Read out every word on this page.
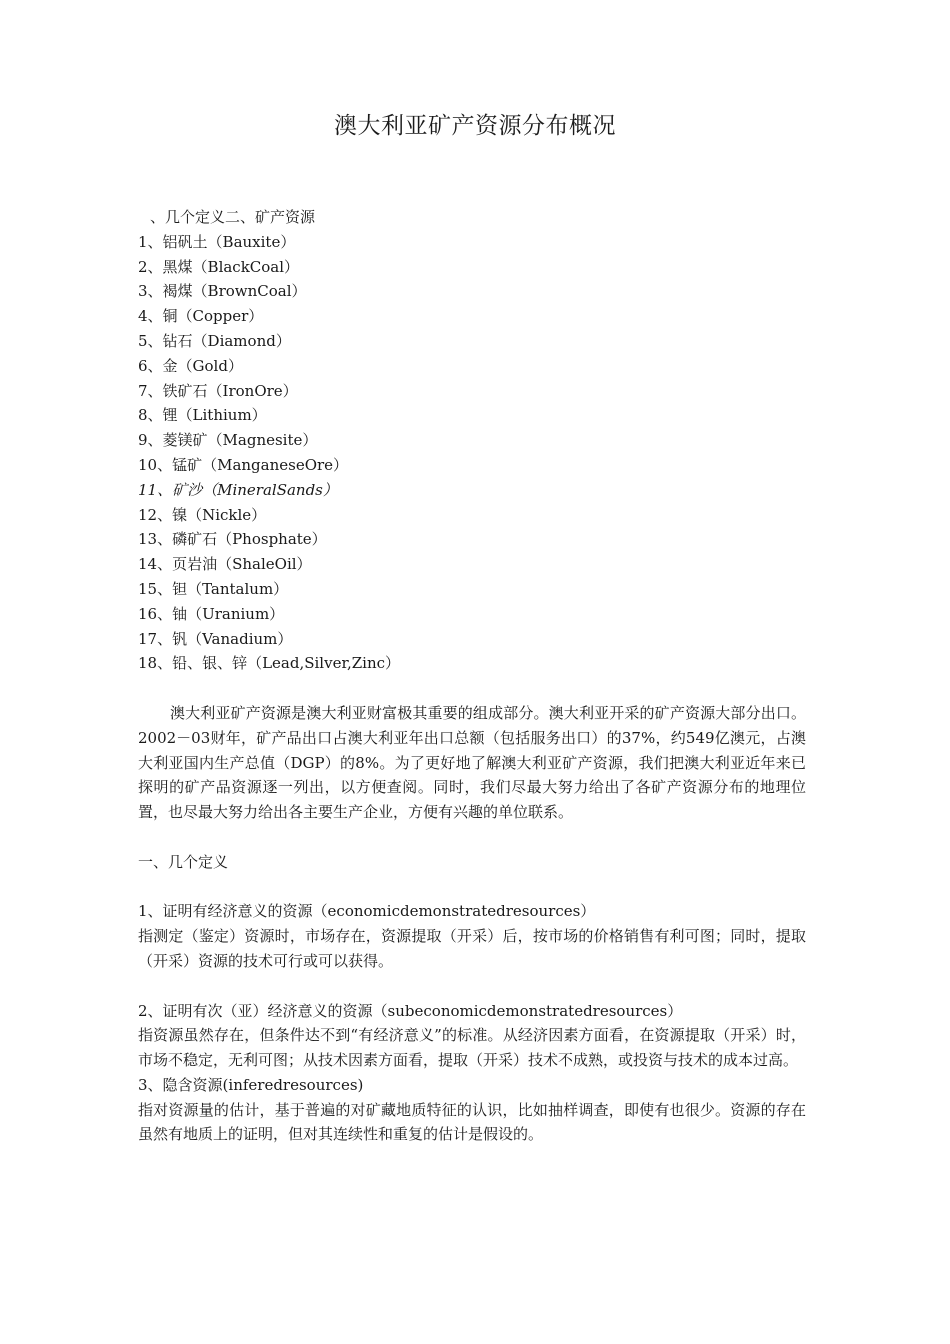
澳大利亚矿产资源分布概况
、几个定义二、矿产资源
1、铝矾土（Bauxite）
2、黑煤（BlackCoal）
3、褐煤（BrownCoal）
4、铜（Copper）
5、钻石（Diamond）
6、金（Gold）
7、铁矿石（IronOre）
8、锂（Lithium）
9、菱镁矿（Magnesite）
10、锰矿（ManganeseOre）
11、矿沙（MineralSands）
12、镍（Nickle）
13、磷矿石（Phosphate）
14、页岩油（ShaleOil）
15、钽（Tantalum）
16、铀（Uranium）
17、钒（Vanadium）
18、铅、银、锌（Lead,Silver,Zinc）
澳大利亚矿产资源是澳大利亚财富极其重要的组成部分。澳大利亚开采的矿产资源大部分出口。2002－03财年，矿产品出口占澳大利亚年出口总额（包括服务出口）的37%，约549亿澳元，占澳大利亚国内生产总值（DGP）的8%。为了更好地了解澳大利亚矿产资源，我们把澳大利亚近年来已探明的矿产品资源逐一列出，以方便查阅。同时，我们尽最大努力给出了各矿产资源分布的地理位置，也尽最大努力给出各主要生产企业，方便有兴趣的单位联系。
一、几个定义
1、证明有经济意义的资源（economicdemonstratedresources）
指测定（鉴定）资源时，市场存在，资源提取（开采）后，按市场的价格销售有利可图；同时，提取（开采）资源的技术可行或可以获得。
2、证明有次（亚）经济意义的资源（subeconomicdemonstratedresources）
指资源虽然存在，但条件达不到“有经济意义”的标准。从经济因素方面看，在资源提取（开采）时，市场不稳定，无利可图；从技术因素方面看，提取（开采）技术不成熟，或投资与技术的成本过高。
3、隐含资源(inferedresources)
指对资源量的估计，基于普遍的对矿藏地质特征的认识，比如抽样调查，即使有也很少。资源的存在虽然有地质上的证明，但对其连续性和重复的估计是假设的。
